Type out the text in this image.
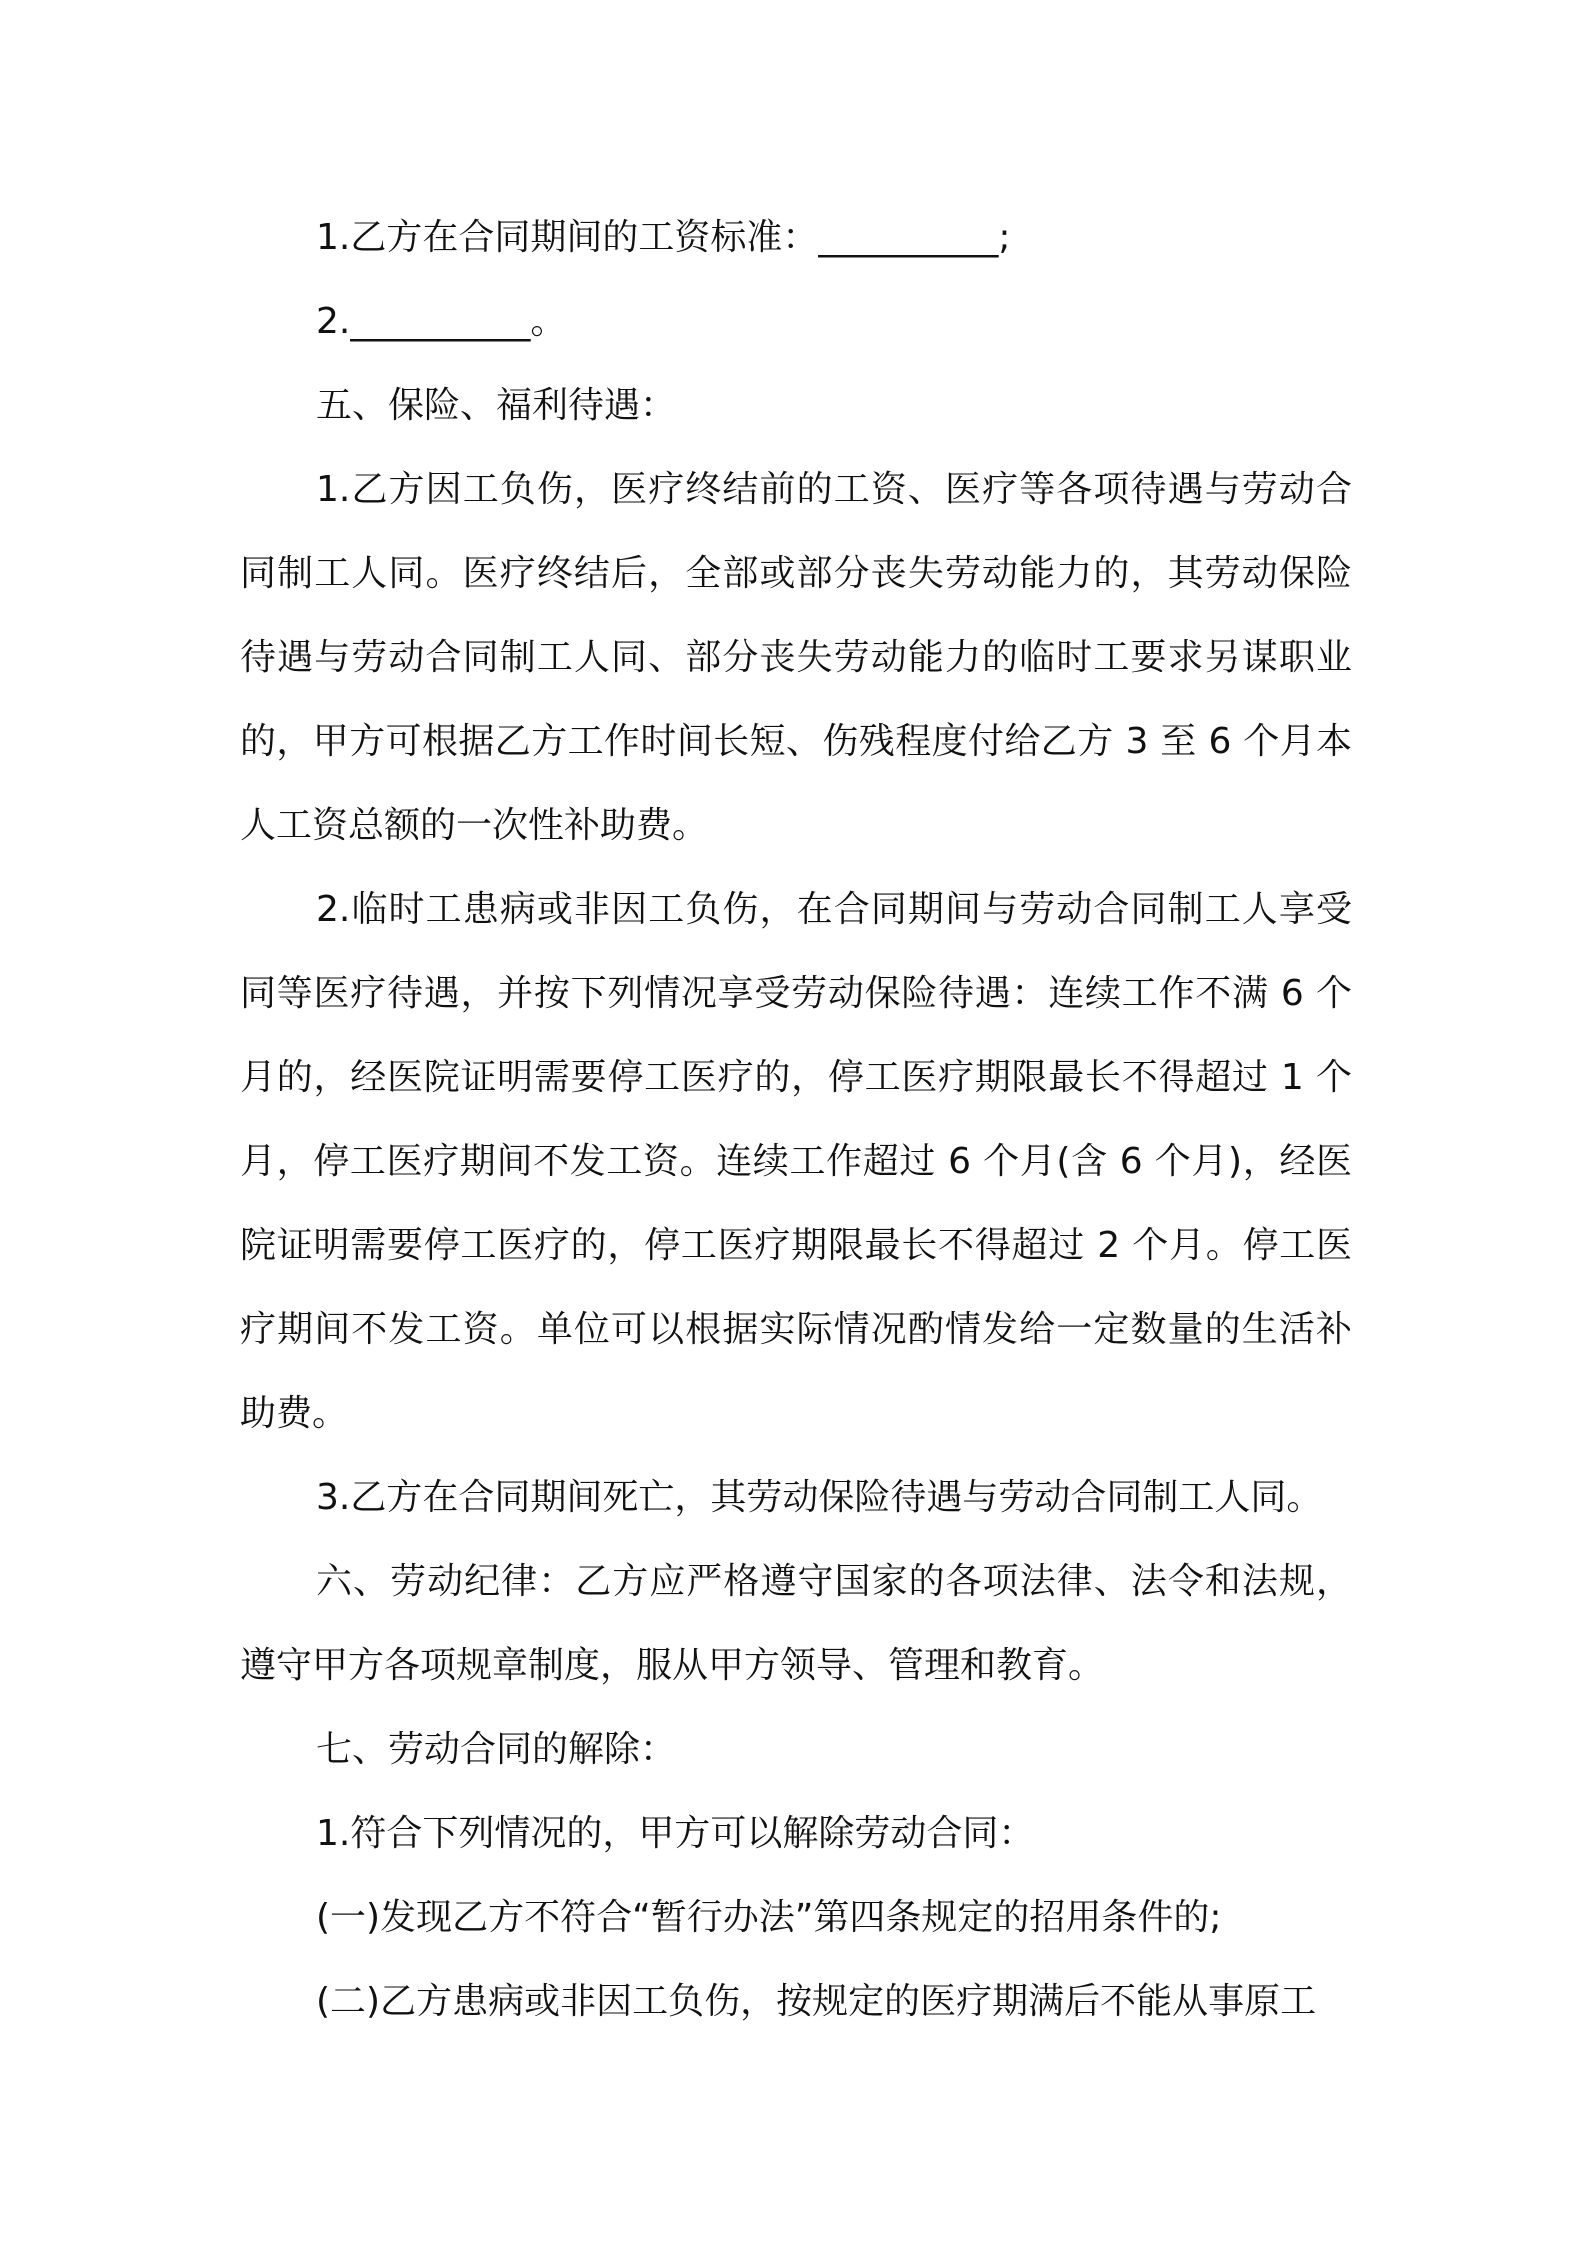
1.乙方在合同期间的工资标准：__________;

2.__________。

五、保险、福利待遇：

1.乙方因工负伤，医疗终结前的工资、医疗等各项待遇与劳动合同制工人同。医疗终结后，全部或部分丧失劳动能力的，其劳动保险待遇与劳动合同制工人同、部分丧失劳动能力的临时工要求另谋职业的，甲方可根据乙方工作时间长短、伤残程度付给乙方 3 至 6 个月本人工资总额的一次性补助费。

2.临时工患病或非因工负伤，在合同期间与劳动合同制工人享受同等医疗待遇，并按下列情况享受劳动保险待遇：连续工作不满 6 个月的，经医院证明需要停工医疗的，停工医疗期限最长不得超过 1 个月，停工医疗期间不发工资。连续工作超过 6 个月(含 6 个月)，经医院证明需要停工医疗的，停工医疗期限最长不得超过 2 个月。停工医疗期间不发工资。单位可以根据实际情况酌情发给一定数量的生活补助费。

3.乙方在合同期间死亡，其劳动保险待遇与劳动合同制工人同。

六、劳动纪律：乙方应严格遵守国家的各项法律、法令和法规，遵守甲方各项规章制度，服从甲方领导、管理和教育。

七、劳动合同的解除：

1.符合下列情况的，甲方可以解除劳动合同：

(一)发现乙方不符合“暂行办法”第四条规定的招用条件的;

(二)乙方患病或非因工负伤，按规定的医疗期满后不能从事原工
